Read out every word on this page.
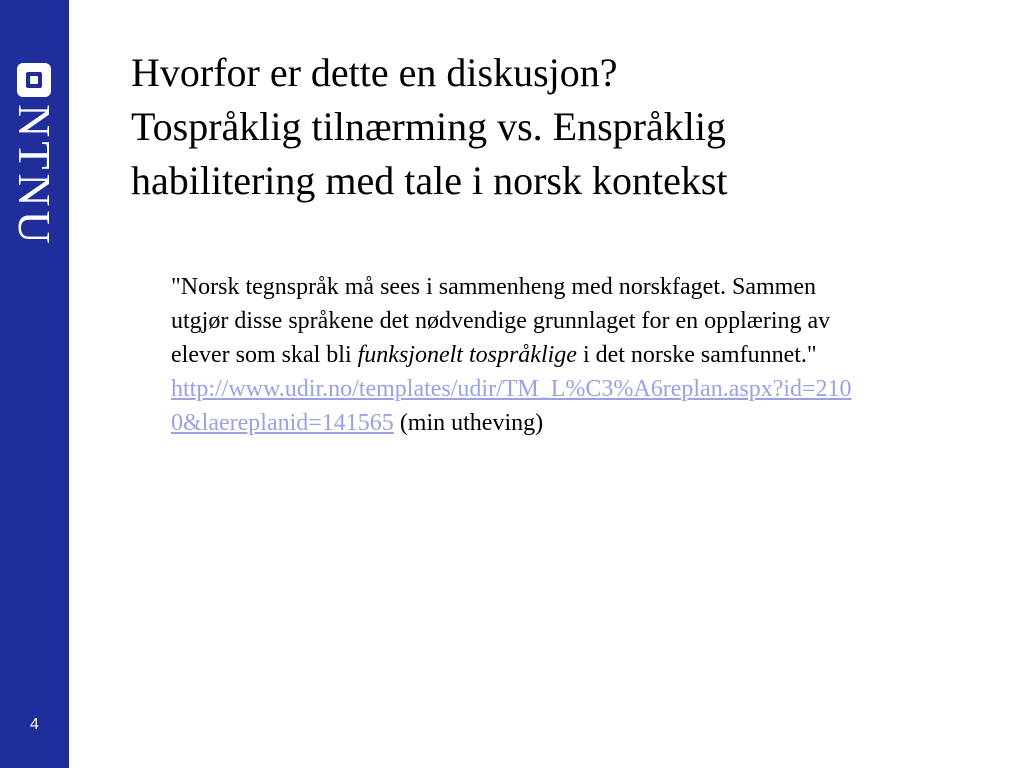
NTNU
4
Hvorfor er dette en diskusjon?
Tospråklig tilnærming vs. Enspråklig
habilitering med tale i norsk kontekst
"Norsk tegnspråk må sees i sammenheng med norskfaget. Sammen
utgjør disse språkene det nødvendige grunnlaget for en opplæring av
elever som skal bli funksjonelt tospråklige i det norske samfunnet."
http://www.udir.no/templates/udir/TM_L%C3%A6replan.aspx?id=210
0&laereplanid=141565 (min utheving)
